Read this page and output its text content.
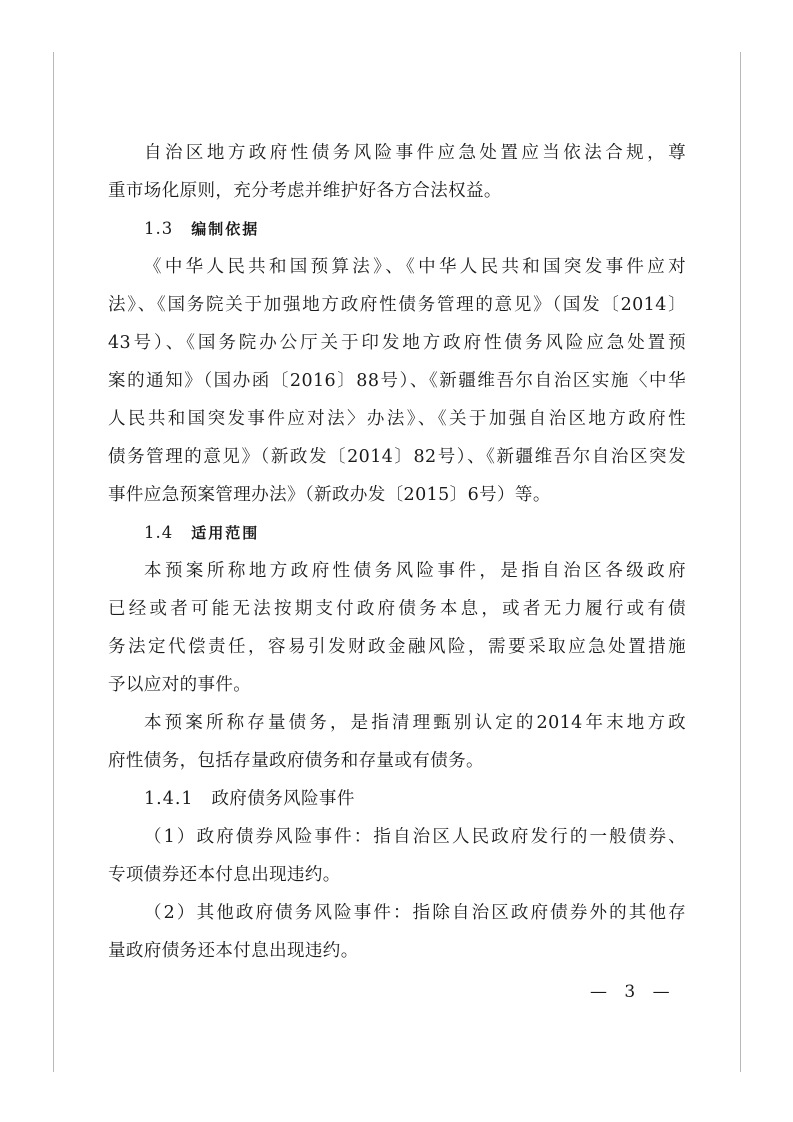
自治区地方政府性债务风险事件应急处置应当依法合规，尊
重市场化原则，充分考虑并维护好各方合法权益。
1.3 编制依据
《中华人民共和国预算法》、《中华人民共和国突发事件应对
法》、《国务院关于加强地方政府性债务管理的意见》（国发〔2014〕
43号）、《国务院办公厅关于印发地方政府性债务风险应急处置预
案的通知》（国办函〔2016〕88号）、《新疆维吾尔自治区实施〈中华
人民共和国突发事件应对法〉办法》、《关于加强自治区地方政府性
债务管理的意见》（新政发〔2014〕82号）、《新疆维吾尔自治区突发
事件应急预案管理办法》（新政办发〔2015〕6号）等。
1.4 适用范围
本预案所称地方政府性债务风险事件，是指自治区各级政府
已经或者可能无法按期支付政府债务本息，或者无力履行或有债
务法定代偿责任，容易引发财政金融风险，需要采取应急处置措施
予以应对的事件。
本预案所称存量债务，是指清理甄别认定的2014年末地方政
府性债务，包括存量政府债务和存量或有债务。
1.4.1 政府债务风险事件
（1）政府债券风险事件：指自治区人民政府发行的一般债券、
专项债券还本付息出现违约。
（2）其他政府债务风险事件：指除自治区政府债券外的其他存
量政府债务还本付息出现违约。
— 3 —
